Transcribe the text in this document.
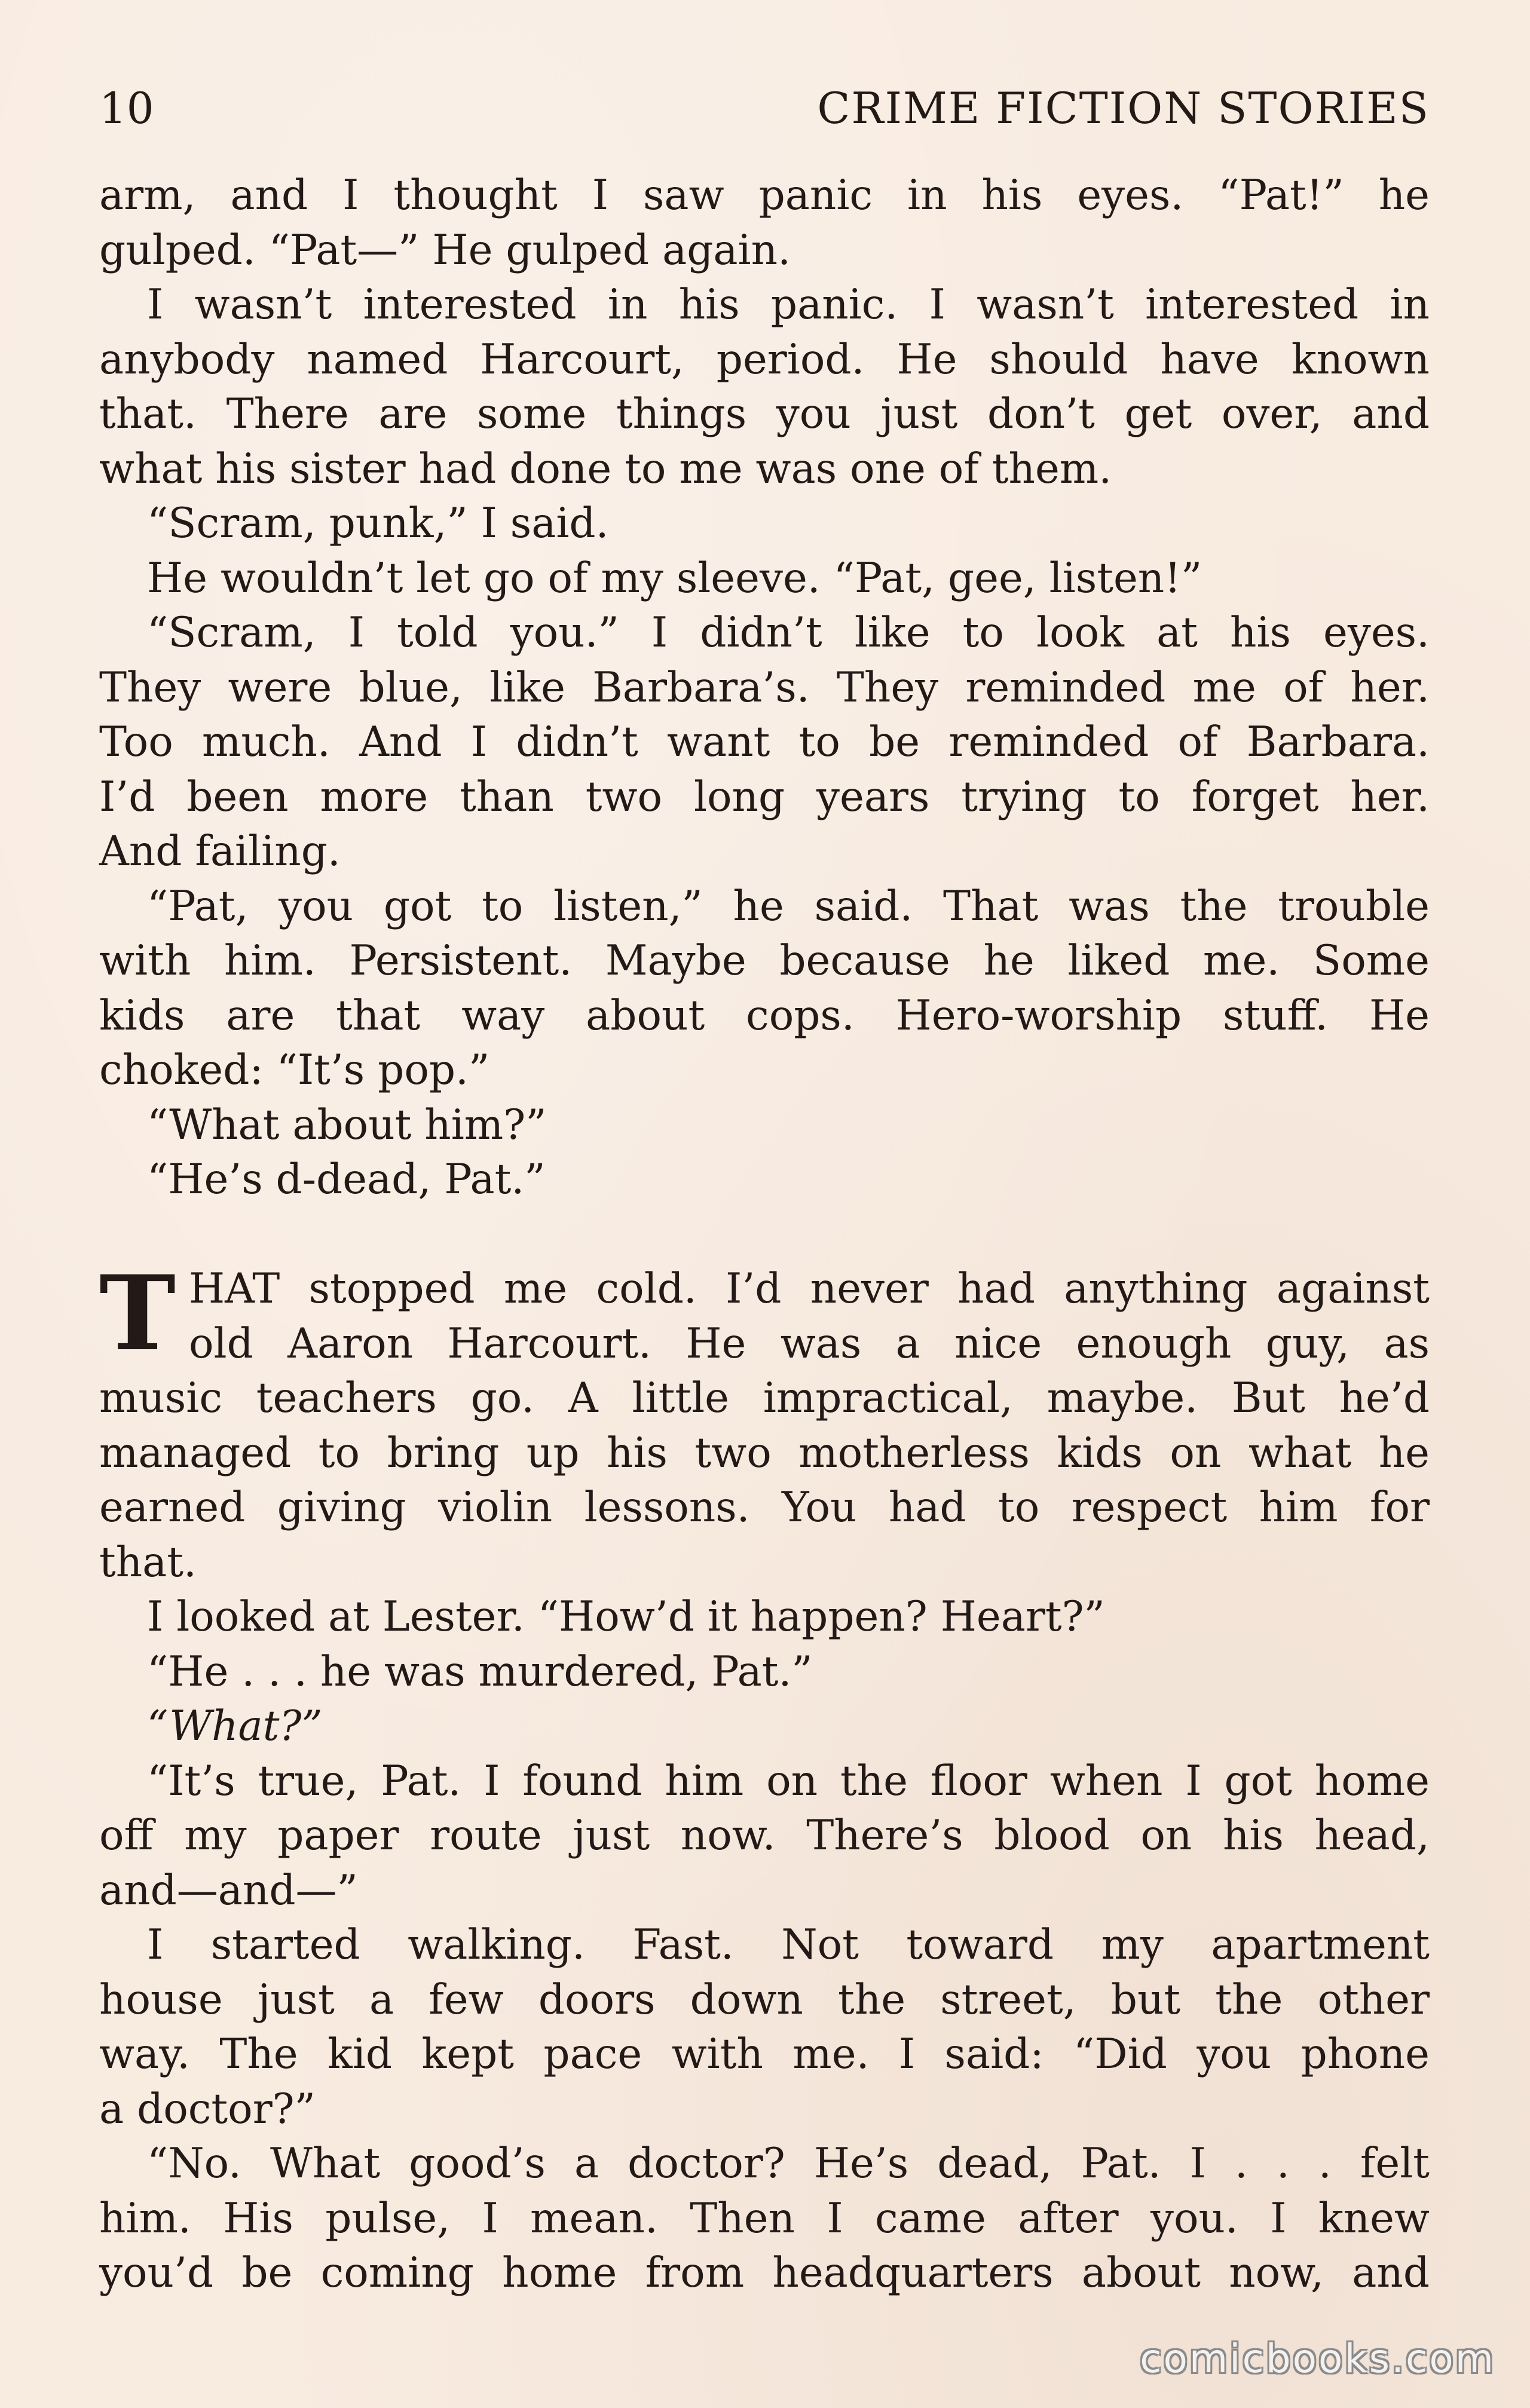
10	CRIME FICTION STORIES
arm, and I thought I saw panic in his eyes. “Pat!” he
gulped. “Pat—” He gulped again.
I wasn’t interested in his panic. I wasn’t interested in
anybody named Harcourt, period. He should have known
that. There are some things you just don’t get over, and
what his sister had done to me was one of them.
“Scram, punk,” I said.
He wouldn’t let go of my sleeve. “Pat, gee, listen!”
“Scram, I told you.” I didn’t like to look at his eyes.
They were blue, like Barbara’s. They reminded me of her.
Too much. And I didn’t want to be reminded of Barbara.
I’d been more than two long years trying to forget her.
And failing.
“Pat, you got to listen,” he said. That was the trouble
with him. Persistent. Maybe because he liked me. Some
kids are that way about cops. Hero-worship stuff. He
choked: “It’s pop.”
“What about him?”
“He’s d-dead, Pat.”
T HAT stopped me cold. I’d never had anything against
old Aaron Harcourt. He was a nice enough guy, as
music teachers go. A little impractical, maybe. But he’d
managed to bring up his two motherless kids on what he
earned giving violin lessons. You had to respect him for
that.
I looked at Lester. “How’d it happen? Heart?”
“He . . . he was murdered, Pat.”
“What?”
“It’s true, Pat. I found him on the floor when I got home
off my paper route just now. There’s blood on his head,
and—and—”
I started walking. Fast. Not toward my apartment
house just a few doors down the street, but the other
way. The kid kept pace with me. I said: “Did you phone
a doctor?”
“No. What good’s a doctor? He’s dead, Pat. I . . . felt
him. His pulse, I mean. Then I came after you. I knew
you’d be coming home from headquarters about now, and
comicbooks.com
